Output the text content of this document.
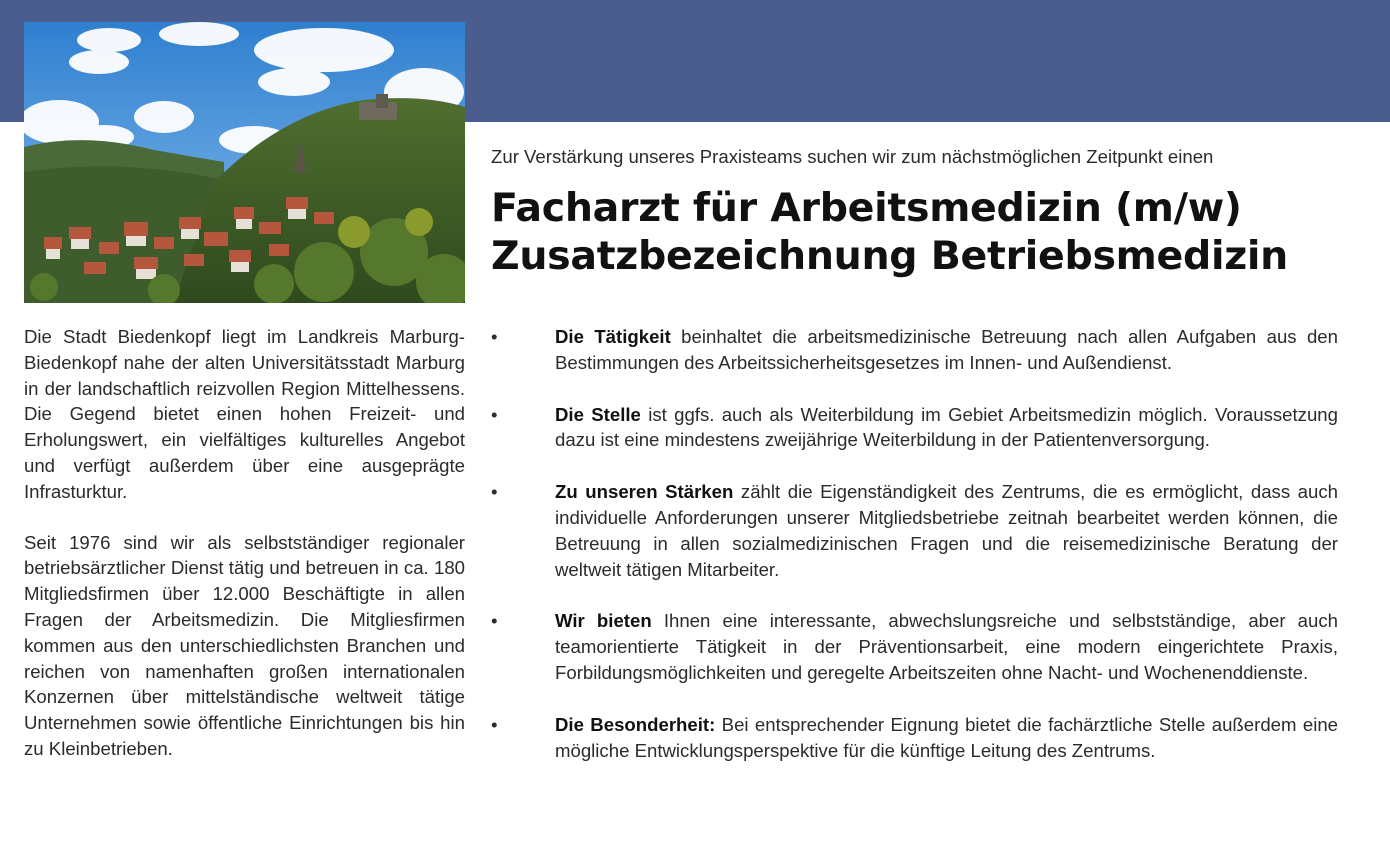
Die Stadt Biedenkopf liegt im Landkreis Marburg-Biedenkopf nahe der alten Universitätsstadt Marburg in der landschaftlich reizvollen Region Mittelhessens. Die Gegend bietet einen hohen Freizeit- und Erholungswert, ein vielfältiges kulturelles Angebot und verfügt außerdem über eine ausgeprägte Infrasturktur.

Seit 1976 sind wir als selbstständiger regionaler betriebsärztlicher Dienst tätig und betreuen in ca. 180 Mitgliedsfirmen über 12.000 Beschäftigte in allen Fragen der Arbeitsmedizin. Die Mitgliesfirmen kommen aus den unterschiedlichsten Branchen und reichen von namenhaften großen internationalen Konzernen über mittelständische weltweit tätige Unternehmen sowie öffentliche Einrichtungen bis hin zu Kleinbetrieben.

Zur Verstärkung unseres Praxisteams suchen wir zum nächstmöglichen Zeitpunkt einen
Facharzt für Arbeitsmedizin (m/w)
Zusatzbezeichnung Betriebsmedizin
•	Die Tätigkeit beinhaltet die arbeitsmedizinische Betreuung nach allen Aufgaben aus den Bestimmungen des Arbeitssicherheitsgesetzes im Innen- und Außendienst.
•	Die Stelle ist ggfs. auch als Weiterbildung im Gebiet Arbeitsmedizin möglich. Voraussetzung dazu ist eine mindestens zweijährige Weiterbildung in der Patientenversorgung.
•	Zu unseren Stärken zählt die Eigenständigkeit des Zentrums, die es ermöglicht, dass auch individuelle Anforderungen unserer Mitgliedsbetriebe zeitnah bearbeitet werden können, die Betreuung in allen sozialmedizinischen Fragen und die reisemedizinische Beratung der weltweit tätigen Mitarbeiter.
•	Wir bieten Ihnen eine interessante, abwechslungsreiche und selbstständige, aber auch teamorientierte Tätigkeit in der Präventionsarbeit, eine modern eingerichtete Praxis, Forbildungsmöglichkeiten und geregelte Arbeitszeiten ohne Nacht- und Wochenenddienste.
•	Die Besonderheit: Bei entsprechender Eignung bietet die fachärztliche Stelle außerdem eine mögliche Entwicklungsperspektive für die künftige Leitung des Zentrums.
